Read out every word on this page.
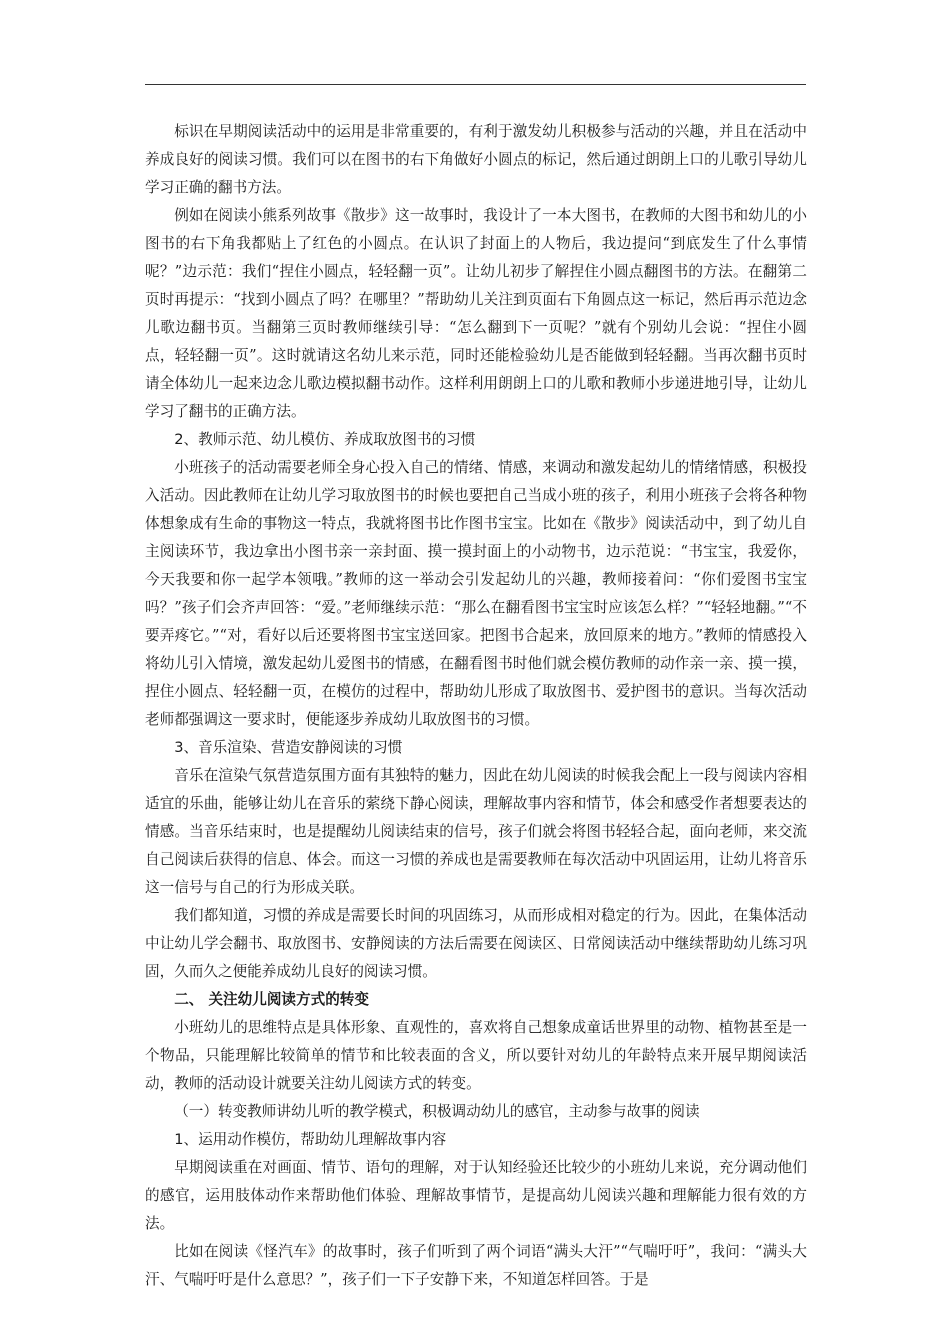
标识在早期阅读活动中的运用是非常重要的，有利于激发幼儿积极参与活动的兴趣，并且在活动中养成良好的阅读习惯。我们可以在图书的右下角做好小圆点的标记，然后通过朗朗上口的儿歌引导幼儿学习正确的翻书方法。

例如在阅读小熊系列故事《散步》这一故事时，我设计了一本大图书，在教师的大图书和幼儿的小图书的右下角我都贴上了红色的小圆点。在认识了封面上的人物后，我边提问“到底发生了什么事情呢？”边示范：我们“捏住小圆点，轻轻翻一页”。让幼儿初步了解捏住小圆点翻图书的方法。在翻第二页时再提示：“找到小圆点了吗？在哪里？”帮助幼儿关注到页面右下角圆点这一标记，然后再示范边念儿歌边翻书页。当翻第三页时教师继续引导：“怎么翻到下一页呢？”就有个别幼儿会说：“捏住小圆点，轻轻翻一页”。这时就请这名幼儿来示范，同时还能检验幼儿是否能做到轻轻翻。当再次翻书页时请全体幼儿一起来边念儿歌边模拟翻书动作。这样利用朗朗上口的儿歌和教师小步递进地引导，让幼儿学习了翻书的正确方法。

2、教师示范、幼儿模仿、养成取放图书的习惯

小班孩子的活动需要老师全身心投入自己的情绪、情感，来调动和激发起幼儿的情绪情感，积极投入活动。因此教师在让幼儿学习取放图书的时候也要把自己当成小班的孩子，利用小班孩子会将各种物体想象成有生命的事物这一特点，我就将图书比作图书宝宝。比如在《散步》阅读活动中，到了幼儿自主阅读环节，我边拿出小图书亲一亲封面、摸一摸封面上的小动物书，边示范说：“书宝宝，我爱你，今天我要和你一起学本领哦。”教师的这一举动会引发起幼儿的兴趣，教师接着问：“你们爱图书宝宝吗？”孩子们会齐声回答：“爱。”老师继续示范：“那么在翻看图书宝宝时应该怎么样？”“轻轻地翻。”“不要弄疼它。”“对，看好以后还要将图书宝宝送回家。把图书合起来，放回原来的地方。”教师的情感投入将幼儿引入情境，激发起幼儿爱图书的情感，在翻看图书时他们就会模仿教师的动作亲一亲、摸一摸，捏住小圆点、轻轻翻一页，在模仿的过程中，帮助幼儿形成了取放图书、爱护图书的意识。当每次活动老师都强调这一要求时，便能逐步养成幼儿取放图书的习惯。

3、音乐渲染、营造安静阅读的习惯

音乐在渲染气氛营造氛围方面有其独特的魅力，因此在幼儿阅读的时候我会配上一段与阅读内容相适宜的乐曲，能够让幼儿在音乐的萦绕下静心阅读，理解故事内容和情节，体会和感受作者想要表达的情感。当音乐结束时，也是提醒幼儿阅读结束的信号，孩子们就会将图书轻轻合起，面向老师，来交流自己阅读后获得的信息、体会。而这一习惯的养成也是需要教师在每次活动中巩固运用，让幼儿将音乐这一信号与自己的行为形成关联。

我们都知道，习惯的养成是需要长时间的巩固练习，从而形成相对稳定的行为。因此，在集体活动中让幼儿学会翻书、取放图书、安静阅读的方法后需要在阅读区、日常阅读活动中继续帮助幼儿练习巩固，久而久之便能养成幼儿良好的阅读习惯。

二、 关注幼儿阅读方式的转变

小班幼儿的思维特点是具体形象、直观性的，喜欢将自己想象成童话世界里的动物、植物甚至是一个物品，只能理解比较简单的情节和比较表面的含义，所以要针对幼儿的年龄特点来开展早期阅读活动，教师的活动设计就要关注幼儿阅读方式的转变。

（一）转变教师讲幼儿听的教学模式，积极调动幼儿的感官，主动参与故事的阅读

1、运用动作模仿，帮助幼儿理解故事内容

早期阅读重在对画面、情节、语句的理解，对于认知经验还比较少的小班幼儿来说，充分调动他们的感官，运用肢体动作来帮助他们体验、理解故事情节，是提高幼儿阅读兴趣和理解能力很有效的方法。

比如在阅读《怪汽车》的故事时，孩子们听到了两个词语“满头大汗”“气喘吁吁”，我问：“满头大汗、气喘吁吁是什么意思？”，孩子们一下子安静下来，不知道怎样回答。于是
